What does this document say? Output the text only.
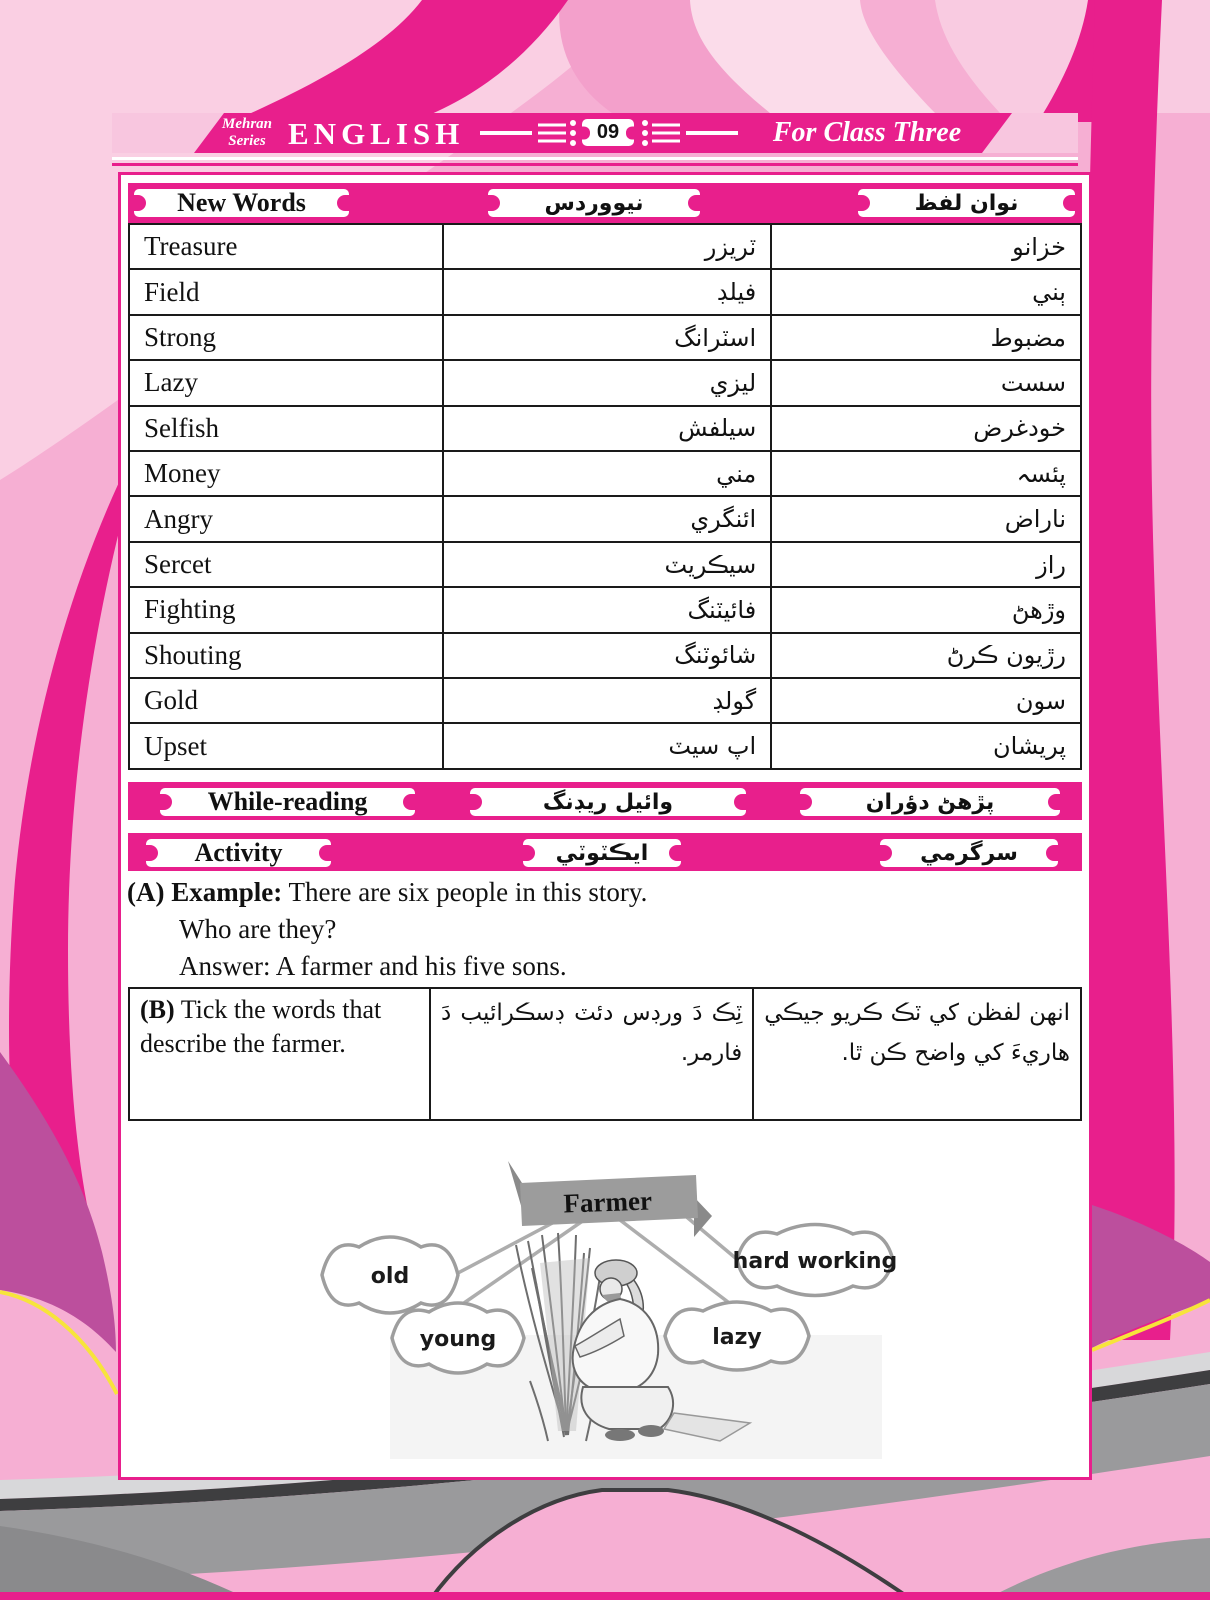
Mehran
Series ENGLISH	09	For Class Three
New Words	نيووردس	نوان لفظ
Treasure	ٽريزر	خزانو
Field	فيلڊ	ٻني
Strong	اسٽرانگ	مضبوط
Lazy	ليزي	سست
Selfish	سيلفش	خودغرض
Money	مني	پئسہ
Angry	ائنگري	ناراض
Sercet	سيڪريٽ	راز
Fighting	فائيٽنگ	وڙهڻ
Shouting	شائوٽنگ	رڙيون ڪرڻ
Gold	گولڊ	سون
Upset	اپ سيٽ	پريشان
While-reading	وائيل ريڊنگ	پڙهڻ دؤران
Activity	ايڪٽوٽي	سرگرمي

(A) Example: There are six people in this story.

Who are they?

Answer: A farmer and his five sons.

(B) Tick the words that describe the farmer.	ٽِڪ دَ ورڊس دئٽ ڊسڪرائيب دَ فارمر.	انهن لفظن کي ٽڪ ڪريو جيڪي هاريءَ کي واضح ڪن ٿا.
Farmer
old
hard working
young	lazy
